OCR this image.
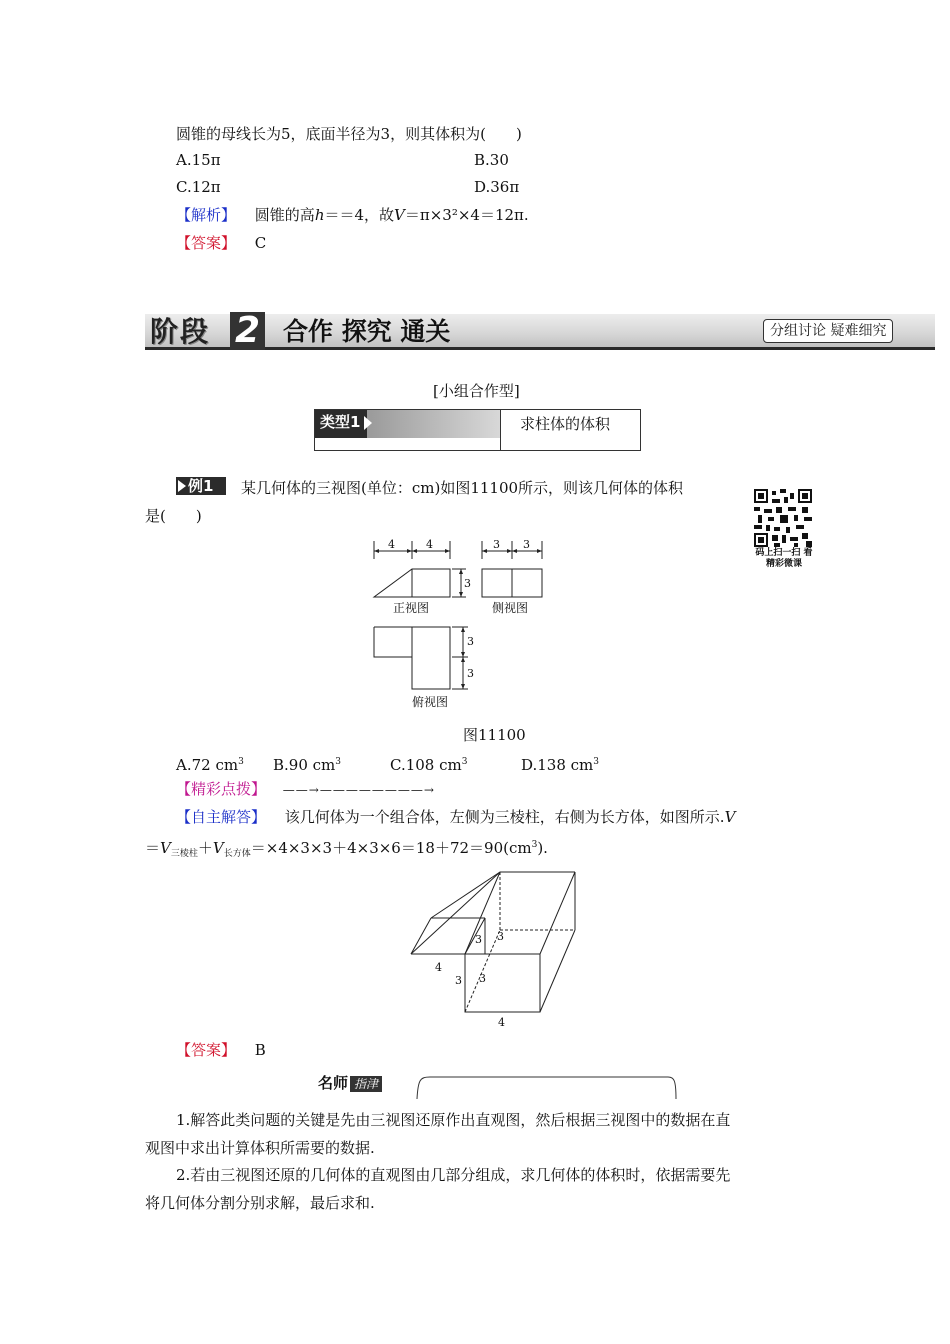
圆锥的母线长为5，底面半径为3，则其体积为(　　)
A.15π	B.30
C.12π	D.36π
【解析】 圆锥的高h＝＝4，故V＝π×3²×4＝12π.
【答案】 C
阶段 2 合作 探究 通关	分组讨论 疑难细究
[小组合作型]
类型1	求柱体的体积
例1 某几何体的三视图(单位：cm)如图11100所示，则该几何体的体积
是(　　)
码上扫一扫 看精彩微课
4	4
3
3 3
3
3
正视图	侧视图
俯视图
图11100
A.72 $cm^3$ B.90 $cm^3$	C.108 $cm^3$	D.138 $cm^3$
【精彩点拨】 ——→————————→
【自主解答】 该几何体为一个组合体，左侧为三棱柱，右侧为长方体，如图所示.V
$=V_{三棱柱}+V_{长方体}=\times 4\times 3\times 3+4\times 3\times 6=18+72=90(cm^3)$.
3 3
4
3 3
4
【答案】 B
名师 指津
1.解答此类问题的关键是先由三视图还原作出直观图，然后根据三视图中的数据在直
观图中求出计算体积所需要的数据.
2.若由三视图还原的几何体的直观图由几部分组成，求几何体的体积时，依据需要先
将几何体分割分别求解，最后求和.
